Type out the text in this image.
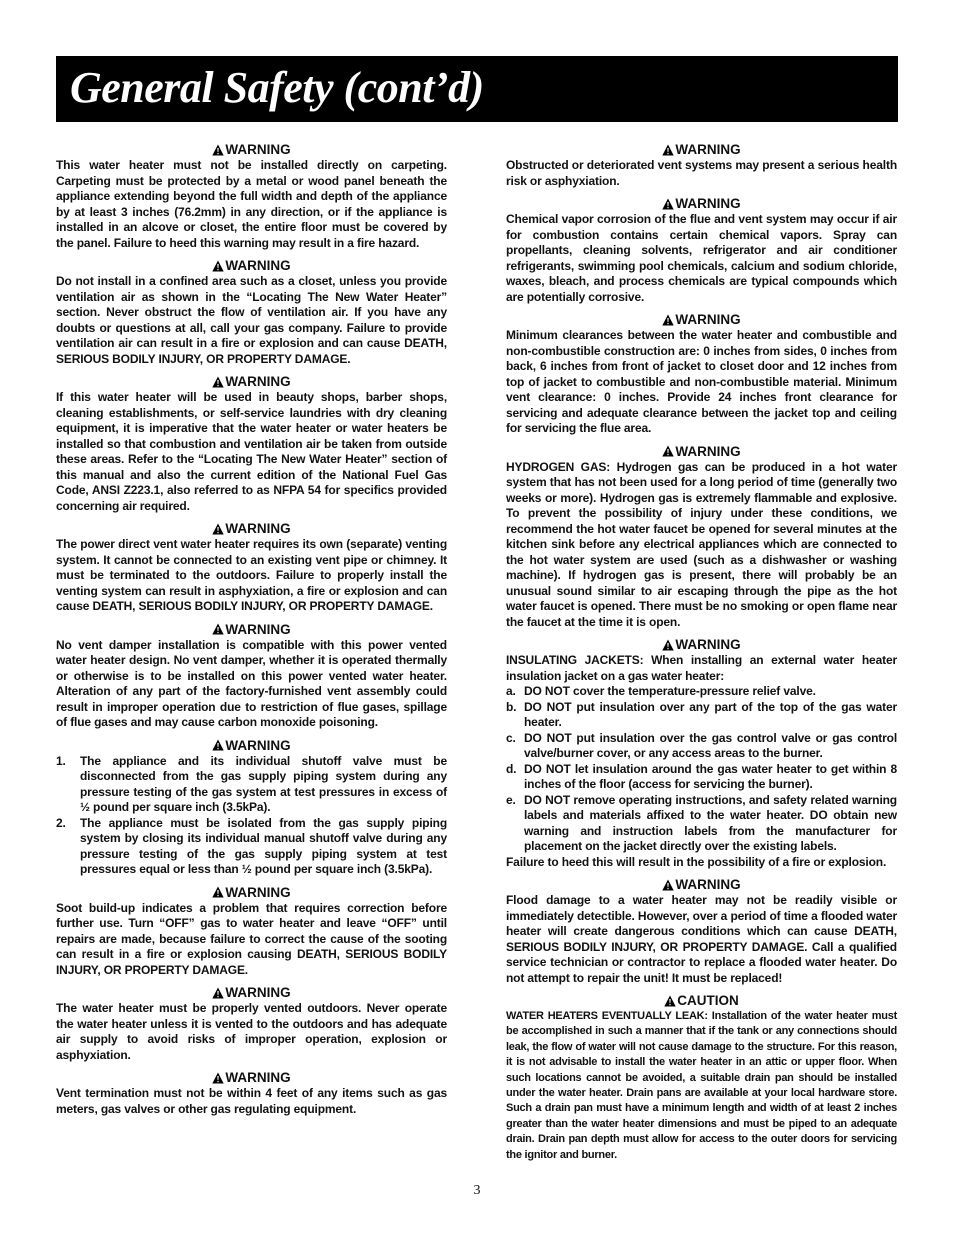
General Safety (cont’d)
WARNING
This water heater must not be installed directly on carpeting. Carpeting must be protected by a metal or wood panel beneath the appliance extending beyond the full width and depth of the appliance by at least 3 inches (76.2mm) in any direction, or if the appliance is installed in an alcove or closet, the entire floor must be covered by the panel. Failure to heed this warning may result in a fire hazard.
WARNING
Do not install in a confined area such as a closet, unless you provide ventilation air as shown in the “Locating The New Water Heater” section. Never obstruct the flow of ventilation air. If you have any doubts or questions at all, call your gas company. Failure to provide ventilation air can result in a fire or explosion and can cause DEATH, SERIOUS BODILY INJURY, OR PROPERTY DAMAGE.
WARNING
If this water heater will be used in beauty shops, barber shops, cleaning establishments, or self-service laundries with dry cleaning equipment, it is imperative that the water heater or water heaters be installed so that combustion and ventilation air be taken from outside these areas. Refer to the “Locating The New Water Heater” section of this manual and also the current edition of the National Fuel Gas Code, ANSI Z223.1, also referred to as NFPA 54 for specifics provided concerning air required.
WARNING
The power direct vent water heater requires its own (separate) venting system. It cannot be connected to an existing vent pipe or chimney. It must be terminated to the outdoors. Failure to properly install the venting system can result in asphyxiation, a fire or explosion and can cause DEATH, SERIOUS BODILY INJURY, OR PROPERTY DAMAGE.
WARNING
No vent damper installation is compatible with this power vented water heater design. No vent damper, whether it is operated thermally or otherwise is to be installed on this power vented water heater. Alteration of any part of the factory-furnished vent assembly could result in improper operation due to restriction of flue gases, spillage of flue gases and may cause carbon monoxide poisoning.
WARNING
1.	The appliance and its individual shutoff valve must be disconnected from the gas supply piping system during any pressure testing of the gas system at test pressures in excess of ½ pound per square inch (3.5kPa).
2.	The appliance must be isolated from the gas supply piping system by closing its individual manual shutoff valve during any pressure testing of the gas supply piping system at test pressures equal or less than ½ pound per square inch (3.5kPa).
WARNING
Soot build-up indicates a problem that requires correction before further use. Turn “OFF” gas to water heater and leave “OFF” until repairs are made, because failure to correct the cause of the sooting can result in a fire or explosion causing DEATH, SERIOUS BODILY INJURY, OR PROPERTY DAMAGE.
WARNING
The water heater must be properly vented outdoors. Never operate the water heater unless it is vented to the outdoors and has adequate air supply to avoid risks of improper operation, explosion or asphyxiation.
WARNING
Vent termination must not be within 4 feet of any items such as gas meters, gas valves or other gas regulating equipment.
WARNING
Obstructed or deteriorated vent systems may present a serious health risk or asphyxiation.
WARNING
Chemical vapor corrosion of the flue and vent system may occur if air for combustion contains certain chemical vapors. Spray can propellants, cleaning solvents, refrigerator and air conditioner refrigerants, swimming pool chemicals, calcium and sodium chloride, waxes, bleach, and process chemicals are typical compounds which are potentially corrosive.
WARNING
Minimum clearances between the water heater and combustible and non-combustible construction are: 0 inches from sides, 0 inches from back, 6 inches from front of jacket to closet door and 12 inches from top of jacket to combustible and non-combustible material. Minimum vent clearance: 0 inches. Provide 24 inches front clearance for servicing and adequate clearance between the jacket top and ceiling for servicing the flue area.
WARNING
HYDROGEN GAS: Hydrogen gas can be produced in a hot water system that has not been used for a long period of time (generally two weeks or more). Hydrogen gas is extremely flammable and explosive. To prevent the possibility of injury under these conditions, we recommend the hot water faucet be opened for several minutes at the kitchen sink before any electrical appliances which are connected to the hot water system are used (such as a dishwasher or washing machine). If hydrogen gas is present, there will probably be an unusual sound similar to air escaping through the pipe as the hot water faucet is opened. There must be no smoking or open flame near the faucet at the time it is open.
WARNING
INSULATING JACKETS: When installing an external water heater insulation jacket on a gas water heater:
a. DO NOT cover the temperature-pressure relief valve.
b. DO NOT put insulation over any part of the top of the gas water heater.
c. DO NOT put insulation over the gas control valve or gas control valve/burner cover, or any access areas to the burner.
d. DO NOT let insulation around the gas water heater to get within 8 inches of the floor (access for servicing the burner).
e. DO NOT remove operating instructions, and safety related warning labels and materials affixed to the water heater. DO obtain new warning and instruction labels from the manufacturer for placement on the jacket directly over the existing labels.
Failure to heed this will result in the possibility of a fire or explosion.
WARNING
Flood damage to a water heater may not be readily visible or immediately detectible. However, over a period of time a flooded water heater will create dangerous conditions which can cause DEATH, SERIOUS BODILY INJURY, OR PROPERTY DAMAGE. Call a qualified service technician or contractor to replace a flooded water heater. Do not attempt to repair the unit! It must be replaced!
CAUTION
WATER HEATERS EVENTUALLY LEAK: Installation of the water heater must be accomplished in such a manner that if the tank or any connections should leak, the flow of water will not cause damage to the structure. For this reason, it is not advisable to install the water heater in an attic or upper floor. When such locations cannot be avoided, a suitable drain pan should be installed under the water heater. Drain pans are available at your local hardware store. Such a drain pan must have a minimum length and width of at least 2 inches greater than the water heater dimensions and must be piped to an adequate drain. Drain pan depth must allow for access to the outer doors for servicing the ignitor and burner.
3
